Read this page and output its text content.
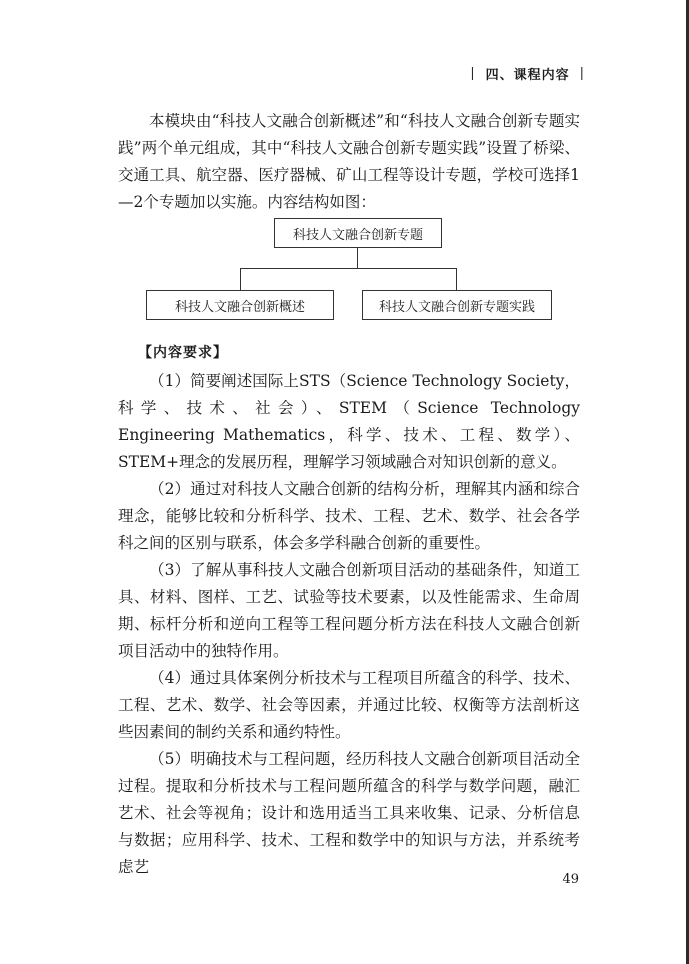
| 四、课程内容 |

本模块由“科技人文融合创新概述”和“科技人文融合创新专题实践”两个单元组成，其中“科技人文融合创新专题实践”设置了桥梁、交通工具、航空器、医疗器械、矿山工程等设计专题，学校可选择1—2个专题加以实施。内容结构如图：

科技人文融合创新专题
科技人文融合创新概述	科技人文融合创新专题实践
【内容要求】

（1）简要阐述国际上STS（Science Technology Society，科学、技术、社会）、STEM（Science Technology Engineering Mathematics，科学、技术、工程、数学）、STEM+理念的发展历程，理解学习领域融合对知识创新的意义。

（2）通过对科技人文融合创新的结构分析，理解其内涵和综合理念，能够比较和分析科学、技术、工程、艺术、数学、社会各学科之间的区别与联系，体会多学科融合创新的重要性。

（3）了解从事科技人文融合创新项目活动的基础条件，知道工具、材料、图样、工艺、试验等技术要素，以及性能需求、生命周期、标杆分析和逆向工程等工程问题分析方法在科技人文融合创新项目活动中的独特作用。

（4）通过具体案例分析技术与工程项目所蕴含的科学、技术、工程、艺术、数学、社会等因素，并通过比较、权衡等方法剖析这些因素间的制约关系和通约特性。

（5）明确技术与工程问题，经历科技人文融合创新项目活动全过程。提取和分析技术与工程问题所蕴含的科学与数学问题，融汇艺术、社会等视角；设计和选用适当工具来收集、记录、分析信息与数据；应用科学、技术、工程和数学中的知识与方法，并系统考虑艺

49
